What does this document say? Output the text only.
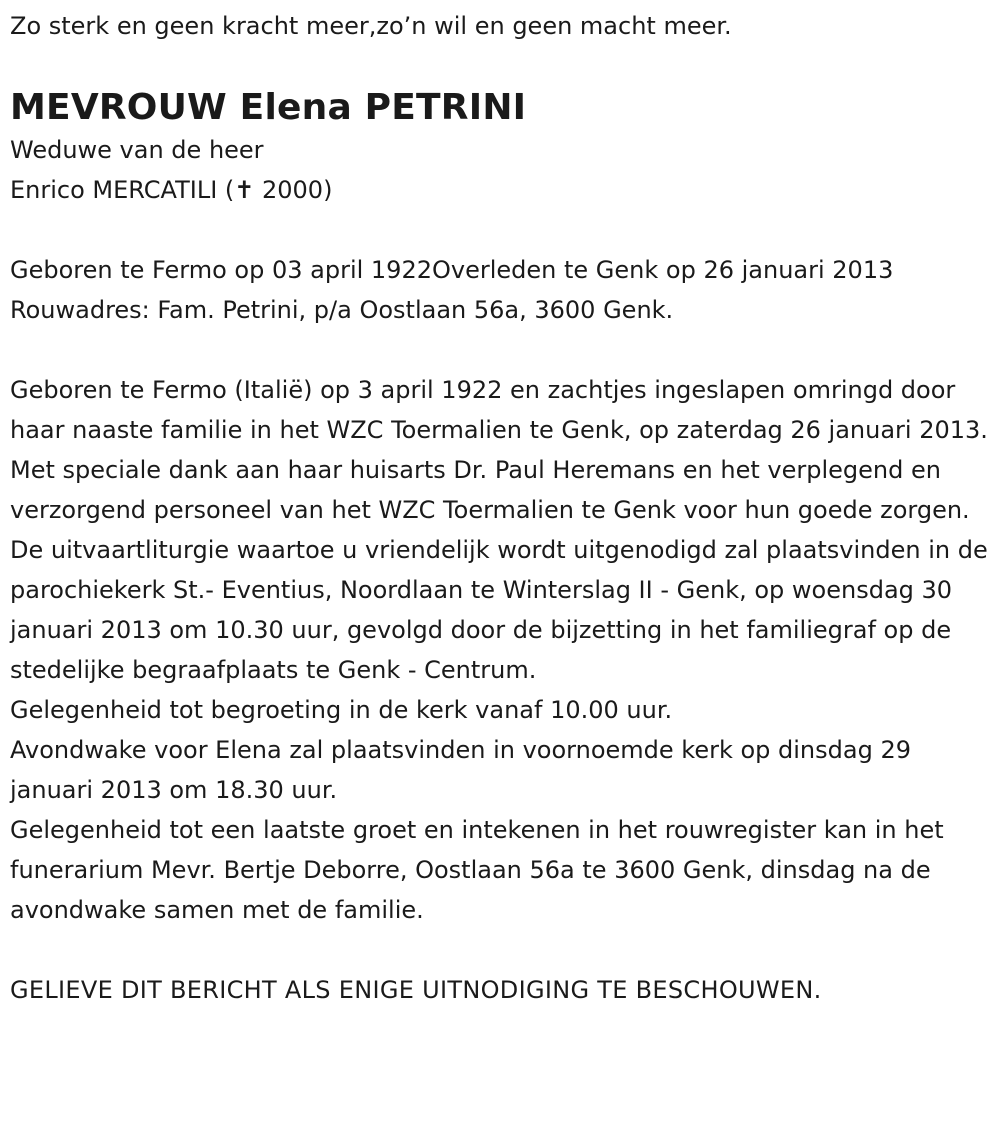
Zo sterk en geen kracht meer,zo’n wil en geen macht meer.

MEVROUW Elena PETRINI

Weduwe van de heer

Enrico MERCATILI (✝ 2000)

Geboren te Fermo op 03 april 1922Overleden te Genk op 26 januari 2013

Rouwadres: Fam. Petrini, p/a Oostlaan 56a, 3600 Genk.

Geboren te Fermo (Italië) op 3 april 1922 en zachtjes ingeslapen omringd door haar naaste familie in het WZC Toermalien te Genk, op zaterdag 26 januari 2013.

Met speciale dank aan haar huisarts Dr. Paul Heremans en het verplegend en verzorgend personeel van het WZC Toermalien te Genk voor hun goede zorgen.

De uitvaartliturgie waartoe u vriendelijk wordt uitgenodigd zal plaatsvinden in de parochiekerk St.- Eventius, Noordlaan te Winterslag II - Genk, op woensdag 30 januari 2013 om 10.30 uur, gevolgd door de bijzetting in het familiegraf op de stedelijke begraafplaats te Genk - Centrum.

Gelegenheid tot begroeting in de kerk vanaf 10.00 uur.

Avondwake voor Elena zal plaatsvinden in voornoemde kerk op dinsdag 29 januari 2013 om 18.30 uur.

Gelegenheid tot een laatste groet en intekenen in het rouwregister kan in het funerarium Mevr. Bertje Deborre, Oostlaan 56a te 3600 Genk, dinsdag na de avondwake samen met de familie.

GELIEVE DIT BERICHT ALS ENIGE UITNODIGING TE BESCHOUWEN.
